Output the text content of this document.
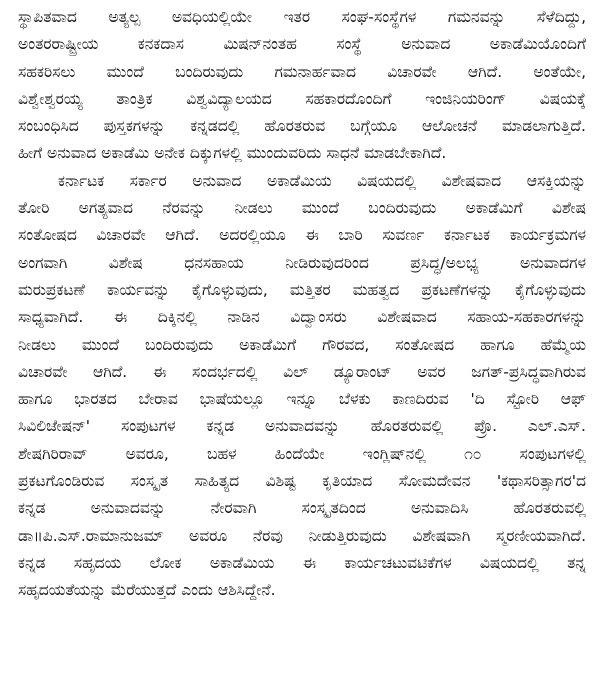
ಸ್ಥಾಪಿತವಾದ ಅತ್ಯಲ್ಪ ಅವಧಿಯಲ್ಲಿಯೇ ಇತರ ಸಂಘ-ಸಂಸ್ಥೆಗಳ ಗಮನವನ್ನು ಸೆಳೆದಿದ್ದು,
ಅಂತರರಾಷ್ಟ್ರೀಯ ಕನಕದಾಸ ಮಿಷನ್‌ನಂತಹ ಸಂಸ್ಥೆ ಅನುವಾದ ಅಕಾಡೆಮಿಯೊಂದಿಗೆ
ಸಹಕರಿಸಲು ಮುಂದೆ ಬಂದಿರುವುದು ಗಮನಾರ್ಹವಾದ ವಿಚಾರವೇ ಆಗಿದೆ. ಅಂತೆಯೇ,
ವಿಶ್ವೇಶ್ವರಯ್ಯ ತಾಂತ್ರಿಕ ವಿಶ್ವವಿದ್ಯಾಲಯದ ಸಹಕಾರದೊಂದಿಗೆ ಇಂಜಿನಿಯರಿಂಗ್ ವಿಷಯಕ್ಕೆ
ಸಂಬಂಧಿಸಿದ ಪುಸ್ತಕಗಳನ್ನು ಕನ್ನಡದಲ್ಲಿ ಹೊರತರುವ ಬಗ್ಗೆಯೂ ಆಲೋಚನೆ ಮಾಡಲಾಗುತ್ತಿದೆ.
ಹೀಗೆ ಅನುವಾದ ಅಕಾಡೆಮಿ ಅನೇಕ ದಿಕ್ಕುಗಳಲ್ಲಿ ಮುಂದುವರಿದು ಸಾಧನೆ ಮಾಡಬೇಕಾಗಿದೆ.
ಕರ್ನಾಟಕ ಸರ್ಕಾರ ಅನುವಾದ ಅಕಾಡೆಮಿಯ ವಿಷಯದಲ್ಲಿ ವಿಶೇಷವಾದ ಆಸಕ್ತಿಯನ್ನು
ತೋರಿ ಅಗತ್ಯವಾದ ನೆರವನ್ನು ನೀಡಲು ಮುಂದೆ ಬಂದಿರುವುದು ಅಕಾಡೆಮಿಗೆ ವಿಶೇಷ
ಸಂತೋಷದ ವಿಚಾರವೇ ಆಗಿದೆ. ಅದರಲ್ಲಿಯೂ ಈ ಬಾರಿ ಸುವರ್ಣ ಕರ್ನಾಟಕ ಕಾರ್ಯಕ್ರಮಗಳ
ಅಂಗವಾಗಿ ವಿಶೇಷ ಧನಸಹಾಯ ನೀಡಿರುವುದರಿಂದ ಪ್ರಸಿದ್ಧ/ಅಲಭ್ಯ ಅನುವಾದಗಳ
ಮರುಪ್ರಕಟಣೆ ಕಾರ್ಯವನ್ನು ಕೈಗೊಳ್ಳುವುದು, ಮತ್ತಿತರ ಮಹತ್ವದ ಪ್ರಕಟಣೆಗಳನ್ನು ಕೈಗೊಳ್ಳುವುದು
ಸಾಧ್ಯವಾಗಿದೆ. ಈ ದಿಕ್ಕಿನಲ್ಲಿ ನಾಡಿನ ವಿದ್ವಾಂಸರು ವಿಶೇಷವಾದ ಸಹಾಯ-ಸಹಕಾರಗಳನ್ನು
ನೀಡಲು ಮುಂದೆ ಬಂದಿರುವುದು ಅಕಾಡೆಮಿಗೆ ಗೌರವದ, ಸಂತೋಷದ ಹಾಗೂ ಹೆಮ್ಮೆಯ
ವಿಚಾರವೇ ಆಗಿದೆ. ಈ ಸಂದರ್ಭದಲ್ಲಿ ವಿಲ್ ಡ್ಯೂರಾಂಟ್ ಅವರ ಜಗತ್-ಪ್ರಸಿದ್ಧವಾಗಿರುವ
ಹಾಗೂ ಭಾರತದ ಬೇರಾವ ಭಾಷೆಯಲ್ಲೂ ಇನ್ನೂ ಬೆಳಕು ಕಾಣದಿರುವ 'ದಿ ಸ್ಟೋರಿ ಆಫ್
ಸಿವಿಲಿಜೇಷನ್' ಸಂಪುಟಗಳ ಕನ್ನಡ ಅನುವಾದವನ್ನು ಹೊರತರುವಲ್ಲಿ ಪ್ರೊ. ಎಲ್.ಎಸ್.
ಶೇಷಗಿರಿರಾವ್ ಅವರೂ, ಬಹಳ ಹಿಂದೆಯೇ ಇಂಗ್ಲಿಷ್‌ನಲ್ಲಿ ೧೦ ಸಂಪುಟಗಳಲ್ಲಿ
ಪ್ರಕಟಗೊಂಡಿರುವ ಸಂಸ್ಕೃತ ಸಾಹಿತ್ಯದ ವಿಶಿಷ್ಟ ಕೃತಿಯಾದ ಸೋಮದೇವನ 'ಕಥಾಸರಿತ್ಸಾಗರ'ದ
ಕನ್ನಡ ಅನುವಾದವನ್ನು ನೇರವಾಗಿ ಸಂಸ್ಕೃತದಿಂದ ಅನುವಾದಿಸಿ ಹೊರತರುವಲ್ಲಿ
ಡಾ॥ಪಿ.ಎಸ್.ರಾಮಾನುಜಮ್ ಅವರೂ ನೆರವು ನೀಡುತ್ತಿರುವುದು ವಿಶೇಷವಾಗಿ ಸ್ಮರಣೀಯವಾಗಿದೆ.
ಕನ್ನಡ ಸಹೃದಯ ಲೋಕ ಅಕಾಡೆಮಿಯ ಈ ಕಾರ್ಯಚಟುವಟಿಕೆಗಳ ವಿಷಯದಲ್ಲಿ ತನ್ನ
ಸಹೃದಯತೆಯನ್ನು ಮೆರೆಯುತ್ತದೆ ಎಂದು ಆಶಿಸಿದ್ದೇನೆ.
